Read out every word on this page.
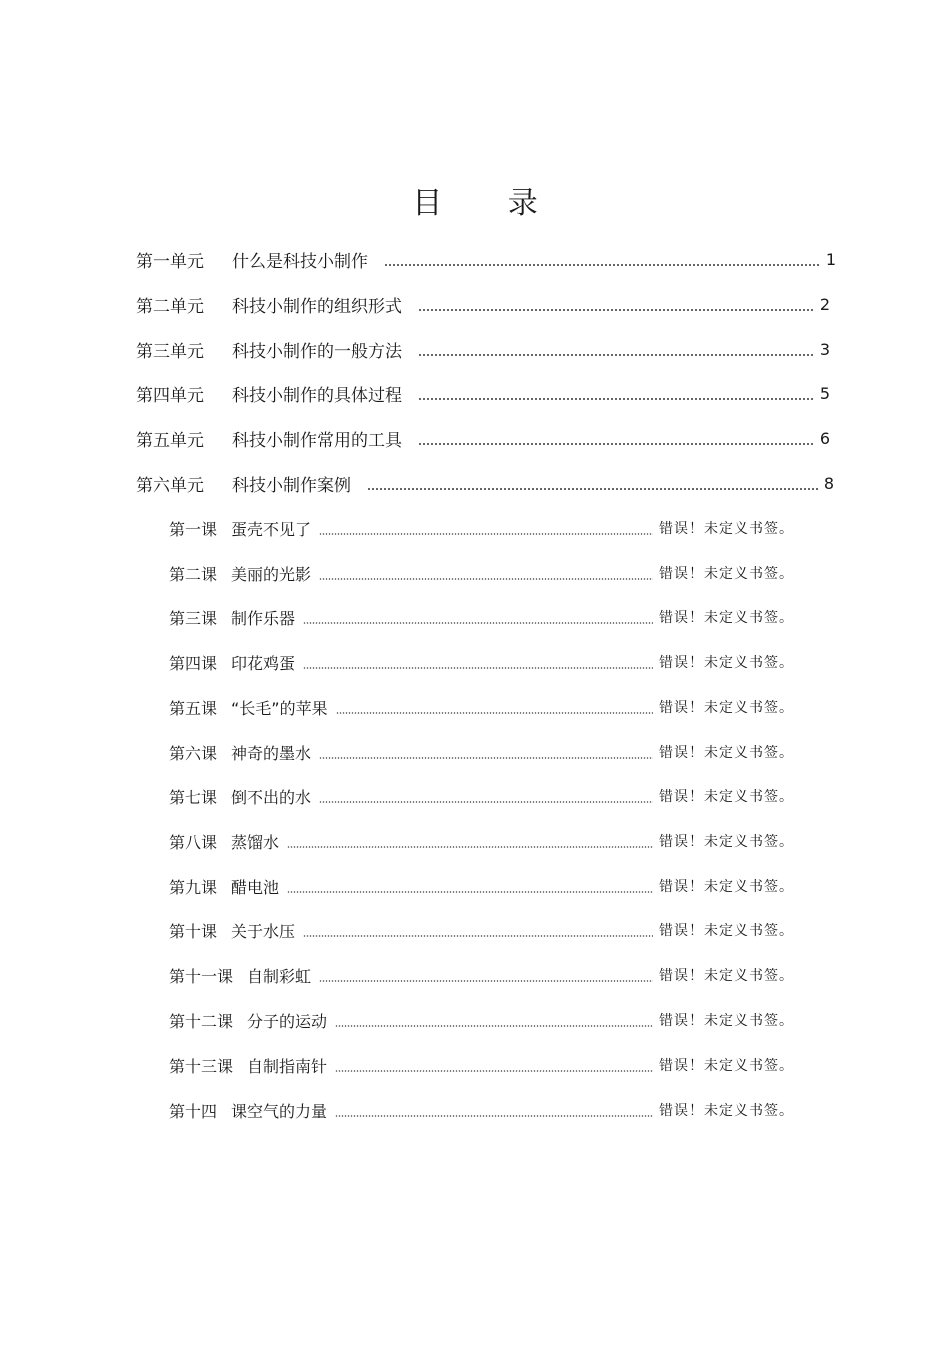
目 录
第一单元	什么是科技小制作	1
第二单元	科技小制作的组织形式	2
第三单元	科技小制作的一般方法	3
第四单元	科技小制作的具体过程	5
第五单元	科技小制作常用的工具	6
第六单元	科技小制作案例	8
第一课 蛋壳不见了	错误！未定义书签。
第二课 美丽的光影	错误！未定义书签。
第三课 制作乐器	错误！未定义书签。
第四课 印花鸡蛋	错误！未定义书签。
第五课 “长毛”的苹果	错误！未定义书签。
第六课 神奇的墨水	错误！未定义书签。
第七课 倒不出的水	错误！未定义书签。
第八课 蒸馏水	错误！未定义书签。
第九课 醋电池	错误！未定义书签。
第十课 关于水压	错误！未定义书签。
第十一课 自制彩虹	错误！未定义书签。
第十二课 分子的运动	错误！未定义书签。
第十三课 自制指南针	错误！未定义书签。
第十四 课空气的力量	错误！未定义书签。
